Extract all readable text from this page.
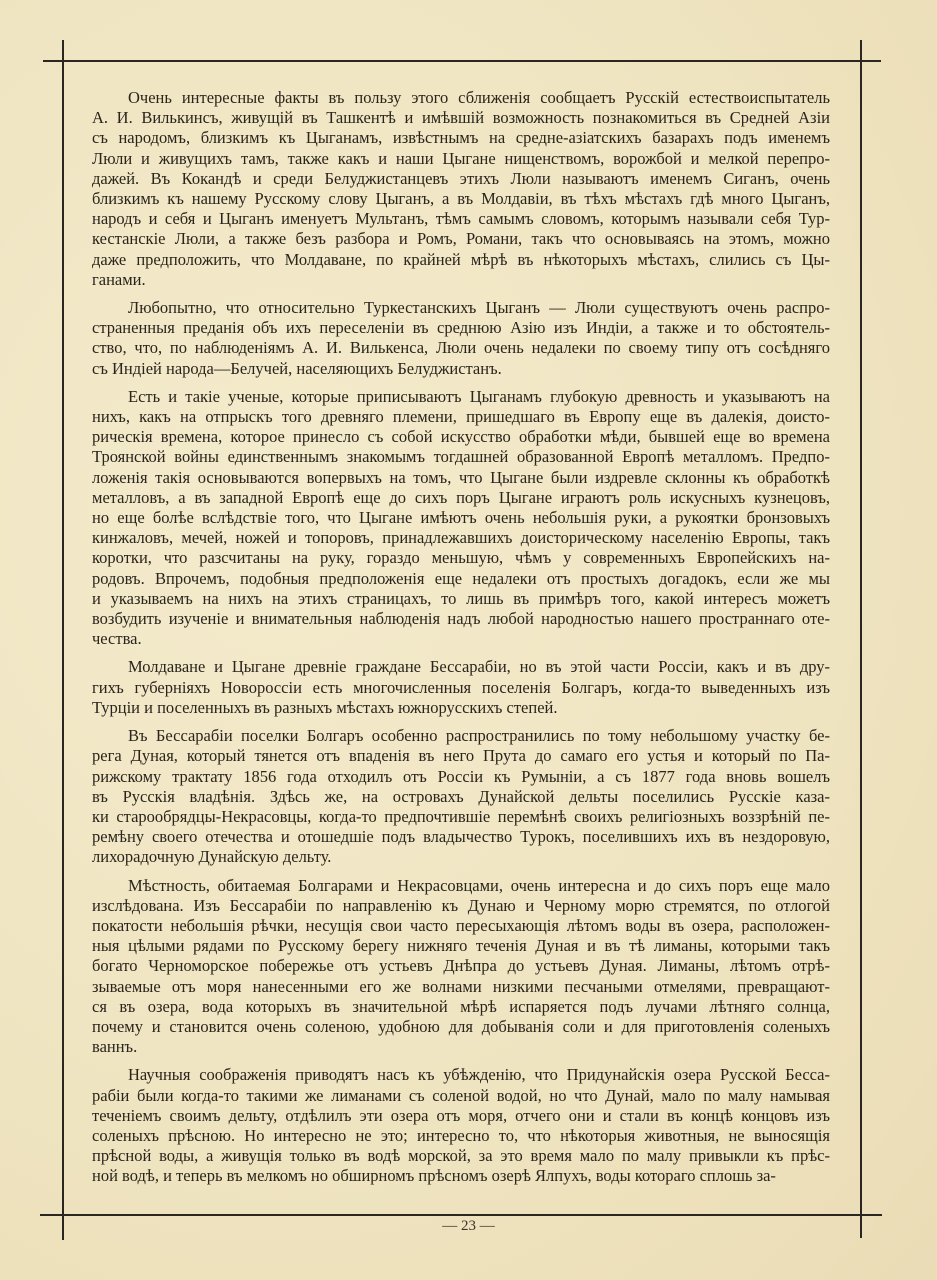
Очень интересные факты въ пользу этого сближенія сообщаетъ Русскій естествоиспытатель
А. И. Вилькинсъ, живущій въ Ташкентѣ и имѣвшій возможность познакомиться въ Средней Азіи
съ народомъ, близкимъ къ Цыганамъ, извѣстнымъ на средне-азіатскихъ базарахъ подъ именемъ
Люли и живущихъ тамъ, также какъ и наши Цыгане нищенствомъ, ворожбой и мелкой перепро-
дажей. Въ Кокандѣ и среди Белуджистанцевъ этихъ Люли называютъ именемъ Сиганъ, очень
близкимъ къ нашему Русскому слову Цыганъ, а въ Молдавіи, въ тѣхъ мѣстахъ гдѣ много Цыганъ,
народъ и себя и Цыганъ именуетъ Мультанъ, тѣмъ самымъ словомъ, которымъ называли себя Тур-
кестанскіе Люли, а также безъ разбора и Ромъ, Романи, такъ что основываясь на этомъ, можно
даже предположить, что Молдаване, по крайней мѣрѣ въ нѣкоторыхъ мѣстахъ, слились съ Цы-
ганами.
Любопытно, что относительно Туркестанскихъ Цыганъ — Люли существуютъ очень распро-
страненныя преданія объ ихъ переселеніи въ среднюю Азію изъ Индіи, а также и то обстоятель-
ство, что, по наблюденіямъ А. И. Вилькенса, Люли очень недалеки по своему типу отъ сосѣдняго
съ Индіей народа—Белучей, населяющихъ Белуджистанъ.
Есть и такіе ученые, которые приписываютъ Цыганамъ глубокую древность и указываютъ на
нихъ, какъ на отпрыскъ того древняго племени, пришедшаго въ Европу еще въ далекія, доисто-
рическія времена, которое принесло съ собой искусство обработки мѣди, бывшей еще во времена
Троянской войны единственнымъ знакомымъ тогдашней образованной Европѣ металломъ. Предпо-
ложенія такія основываются вопервыхъ на томъ, что Цыгане были издревле склонны къ обработкѣ
металловъ, а въ западной Европѣ еще до сихъ поръ Цыгане играютъ роль искусныхъ кузнецовъ,
но еще болѣе вслѣдствіе того, что Цыгане имѣютъ очень небольшія руки, а рукоятки бронзовыхъ
кинжаловъ, мечей, ножей и топоровъ, принадлежавшихъ доисторическому населенію Европы, такъ
коротки, что разсчитаны на руку, гораздо меньшую, чѣмъ у современныхъ Европейскихъ на-
родовъ. Впрочемъ, подобныя предположенія еще недалеки отъ простыхъ догадокъ, если же мы
и указываемъ на нихъ на этихъ страницахъ, то лишь въ примѣръ того, какой интересъ можетъ
возбудить изученіе и внимательныя наблюденія надъ любой народностью нашего пространнаго оте-
чества.
Молдаване и Цыгане древніе граждане Бессарабіи, но въ этой части Россіи, какъ и въ дру-
гихъ губерніяхъ Новороссіи есть многочисленныя поселенія Болгаръ, когда-то выведенныхъ изъ
Турціи и поселенныхъ въ разныхъ мѣстахъ южнорусскихъ степей.
Въ Бессарабіи поселки Болгаръ особенно распространились по тому небольшому участку бе-
рега Дуная, который тянется отъ впаденія въ него Прута до самаго его устья и который по Па-
рижскому трактату 1856 года отходилъ отъ Россіи къ Румыніи, а съ 1877 года вновь вошелъ
въ Русскія владѣнія. Здѣсь же, на островахъ Дунайской дельты поселились Русскіе каза-
ки старообрядцы-Некрасовцы, когда-то предпочтившіе перемѣнѣ своихъ религіозныхъ воззрѣній пе-
ремѣну своего отечества и отошедшіе подъ владычество Турокъ, поселившихъ ихъ въ нездоровую,
лихорадочную Дунайскую дельту.
Мѣстность, обитаемая Болгарами и Некрасовцами, очень интересна и до сихъ поръ еще мало
изслѣдована. Изъ Бессарабіи по направленію къ Дунаю и Черному морю стремятся, по отлогой
покатости небольшія рѣчки, несущія свои часто пересыхающія лѣтомъ воды въ озера, расположен-
ныя цѣлыми рядами по Русскому берегу нижняго теченія Дуная и въ тѣ лиманы, которыми такъ
богато Черноморское побережье отъ устьевъ Днѣпра до устьевъ Дуная. Лиманы, лѣтомъ отрѣ-
зываемые отъ моря нанесенными его же волнами низкими песчаными отмелями, превращают-
ся въ озера, вода которыхъ въ значительной мѣрѣ испаряется подъ лучами лѣтняго солнца,
почему и становится очень соленою, удобною для добыванія соли и для приготовленія соленыхъ
ваннъ.
Научныя соображенія приводятъ насъ къ убѣжденію, что Придунайскія озера Русской Бесса-
рабіи были когда-то такими же лиманами съ соленой водой, но что Дунай, мало по малу намывая
теченіемъ своимъ дельту, отдѣлилъ эти озера отъ моря, отчего они и стали въ концѣ концовъ изъ
соленыхъ прѣсною. Но интересно не это; интересно то, что нѣкоторыя животныя, не выносящія
прѣсной воды, а живущія только въ водѣ морской, за это время мало по малу привыкли къ прѣс-
ной водѣ, и теперь въ мелкомъ но обширномъ прѣсномъ озерѣ Ялпухъ, воды котораго сплошь за-
— 23 —
